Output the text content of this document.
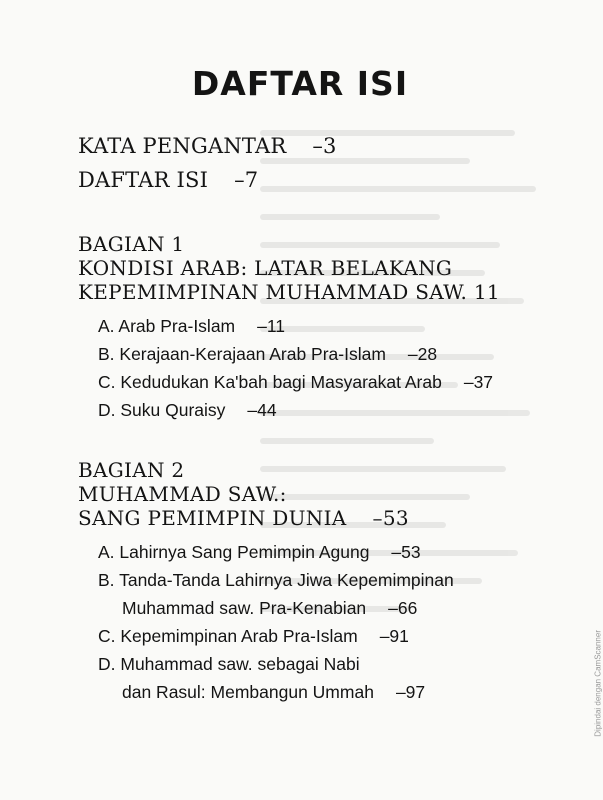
DAFTAR ISI
KATA PENGANTAR –3
DAFTAR ISI –7
BAGIAN 1
KONDISI ARAB: LATAR BELAKANG
KEPEMIMPINAN MUHAMMAD SAW. 11
A. Arab Pra-Islam –11
B. Kerajaan-Kerajaan Arab Pra-Islam –28
C. Kedudukan Ka'bah bagi Masyarakat Arab –37
D. Suku Quraisy –44
BAGIAN 2
MUHAMMAD SAW.:
SANG PEMIMPIN DUNIA –53
A. Lahirnya Sang Pemimpin Agung –53
B. Tanda-Tanda Lahirnya Jiwa Kepemimpinan
Muhammad saw. Pra-Kenabian –66
C. Kepemimpinan Arab Pra-Islam –91
D. Muhammad saw. sebagai Nabi
dan Rasul: Membangun Ummah –97	Dipindai dengan CamScanner
